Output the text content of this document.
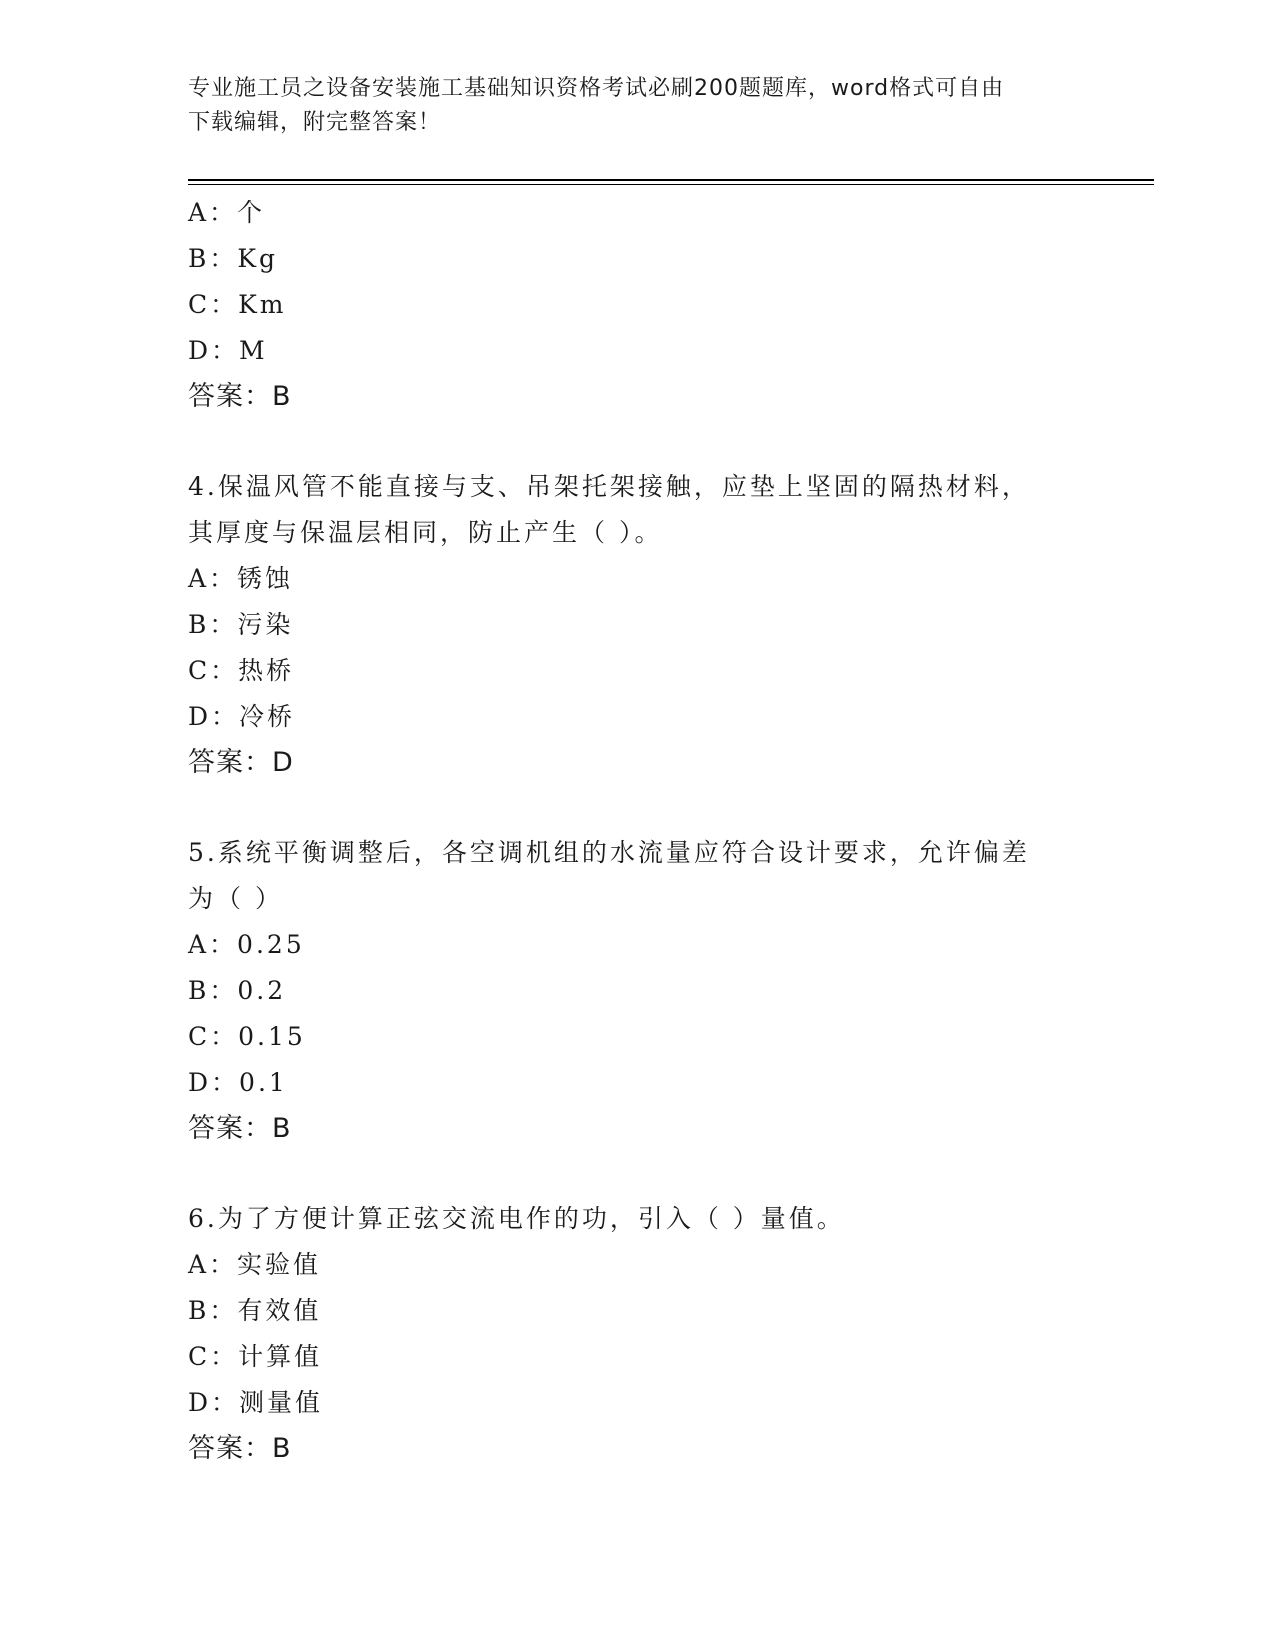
专业施工员之设备安装施工基础知识资格考试必刷200题题库，word格式可自由
下载编辑，附完整答案！
A：个
B：Kg
C：Km
D：M
答案：B
4.保温风管不能直接与支、吊架托架接触，应垫上坚固的隔热材料，
其厚度与保温层相同，防止产生（ ）。
A：锈蚀
B：污染
C：热桥
D：冷桥
答案：D
5.系统平衡调整后，各空调机组的水流量应符合设计要求，允许偏差
为（ ）
A：0.25
B：0.2
C：0.15
D：0.1
答案：B
6.为了方便计算正弦交流电作的功，引入（ ）量值。
A：实验值
B：有效值
C：计算值
D：测量值
答案：B
